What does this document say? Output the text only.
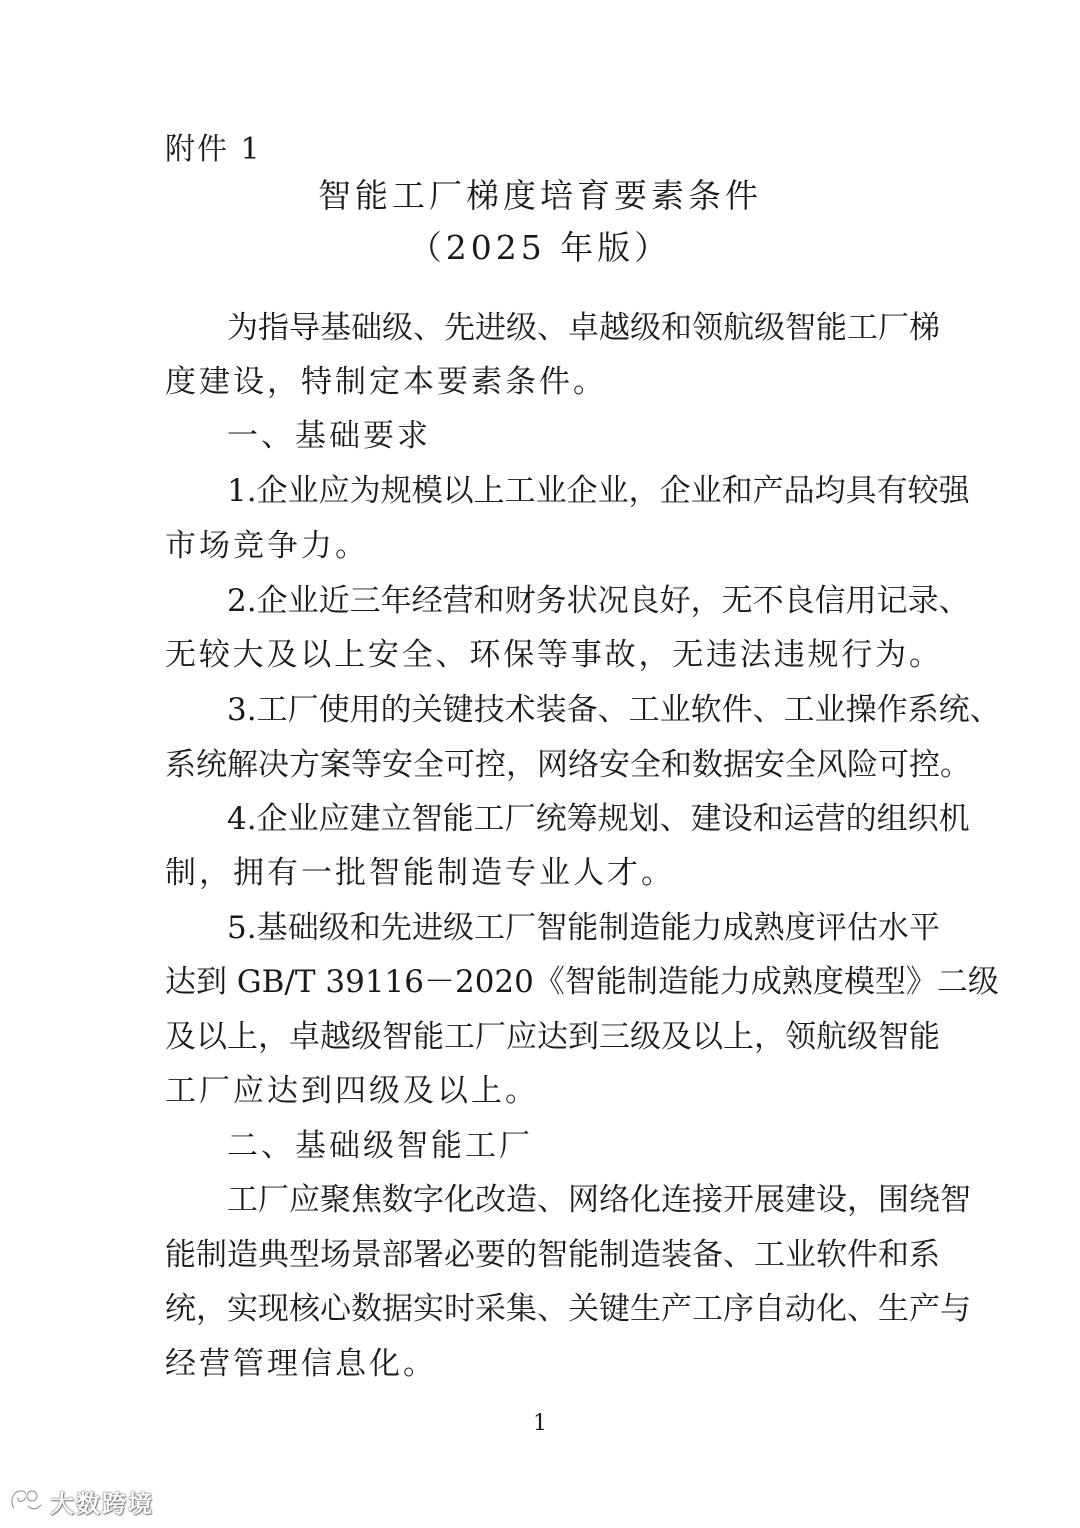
附件 1
智能工厂梯度培育要素条件
（2025 年版）
为指导基础级、先进级、卓越级和领航级智能工厂梯
度建设，特制定本要素条件。
一、基础要求
1.企业应为规模以上工业企业，企业和产品均具有较强
市场竞争力。
2.企业近三年经营和财务状况良好，无不良信用记录、
无较大及以上安全、环保等事故，无违法违规行为。
3.工厂使用的关键技术装备、工业软件、工业操作系统、
系统解决方案等安全可控，网络安全和数据安全风险可控。
4.企业应建立智能工厂统筹规划、建设和运营的组织机
制，拥有一批智能制造专业人才。
5.基础级和先进级工厂智能制造能力成熟度评估水平
达到 GB/T 39116－2020《智能制造能力成熟度模型》二级
及以上，卓越级智能工厂应达到三级及以上，领航级智能
工厂应达到四级及以上。
二、基础级智能工厂
工厂应聚焦数字化改造、网络化连接开展建设，围绕智
能制造典型场景部署必要的智能制造装备、工业软件和系
统，实现核心数据实时采集、关键生产工序自动化、生产与
经营管理信息化。
1
大数跨境
